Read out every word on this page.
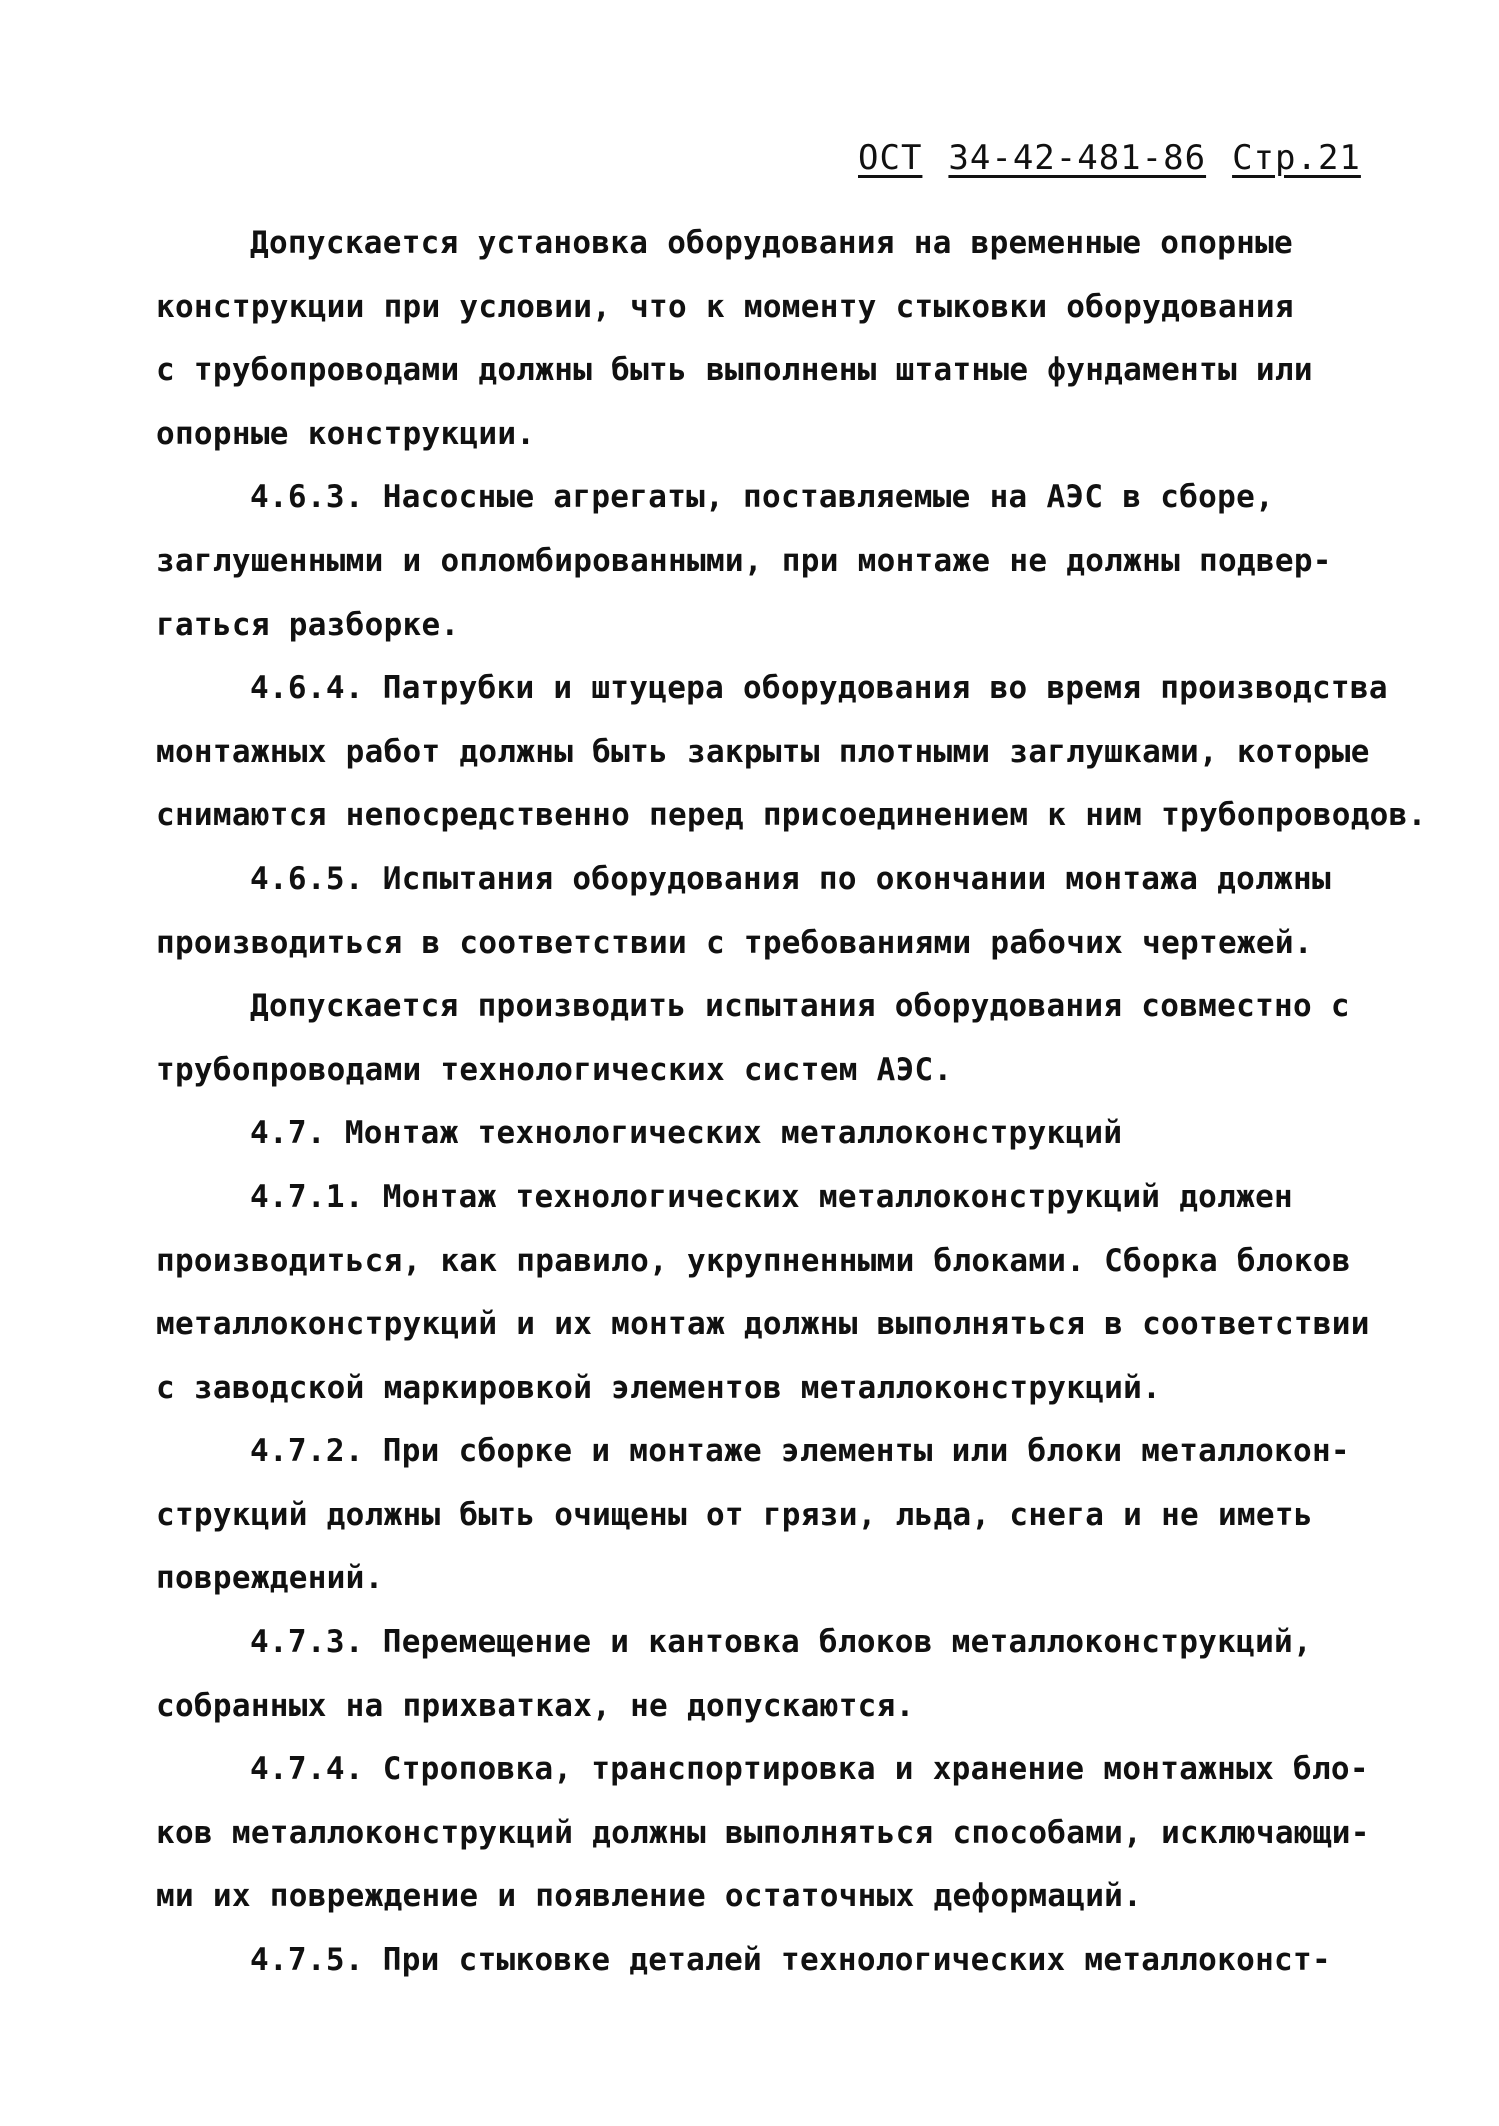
ОСТ 34-42-481-86 Стр.21
Допускается установка оборудования на временные опорные
конструкции при условии, что к моменту стыковки оборудования
с трубопроводами должны быть выполнены штатные фундаменты или
опорные конструкции.
4.6.3. Насосные агрегаты, поставляемые на АЭС в сборе,
заглушенными и опломбированными, при монтаже не должны подвер-
гаться разборке.
4.6.4. Патрубки и штуцера оборудования во время производства
монтажных работ должны быть закрыты плотными заглушками, которые
снимаются непосредственно перед присоединением к ним трубопроводов.
4.6.5. Испытания оборудования по окончании монтажа должны
производиться в соответствии с требованиями рабочих чертежей.
Допускается производить испытания оборудования совместно с
трубопроводами технологических систем АЭС.
4.7. Монтаж технологических металлоконструкций
4.7.1. Монтаж технологических металлоконструкций должен
производиться, как правило, укрупненными блоками. Сборка блоков
металлоконструкций и их монтаж должны выполняться в соответствии
с заводской маркировкой элементов металлоконструкций.
4.7.2. При сборке и монтаже элементы или блоки металлокон-
струкций должны быть очищены от грязи, льда, снега и не иметь
повреждений.
4.7.3. Перемещение и кантовка блоков металлоконструкций,
собранных на прихватках, не допускаются.
4.7.4. Строповка, транспортировка и хранение монтажных бло-
ков металлоконструкций должны выполняться способами, исключающи-
ми их повреждение и появление остаточных деформаций.
4.7.5. При стыковке деталей технологических металлоконст-
